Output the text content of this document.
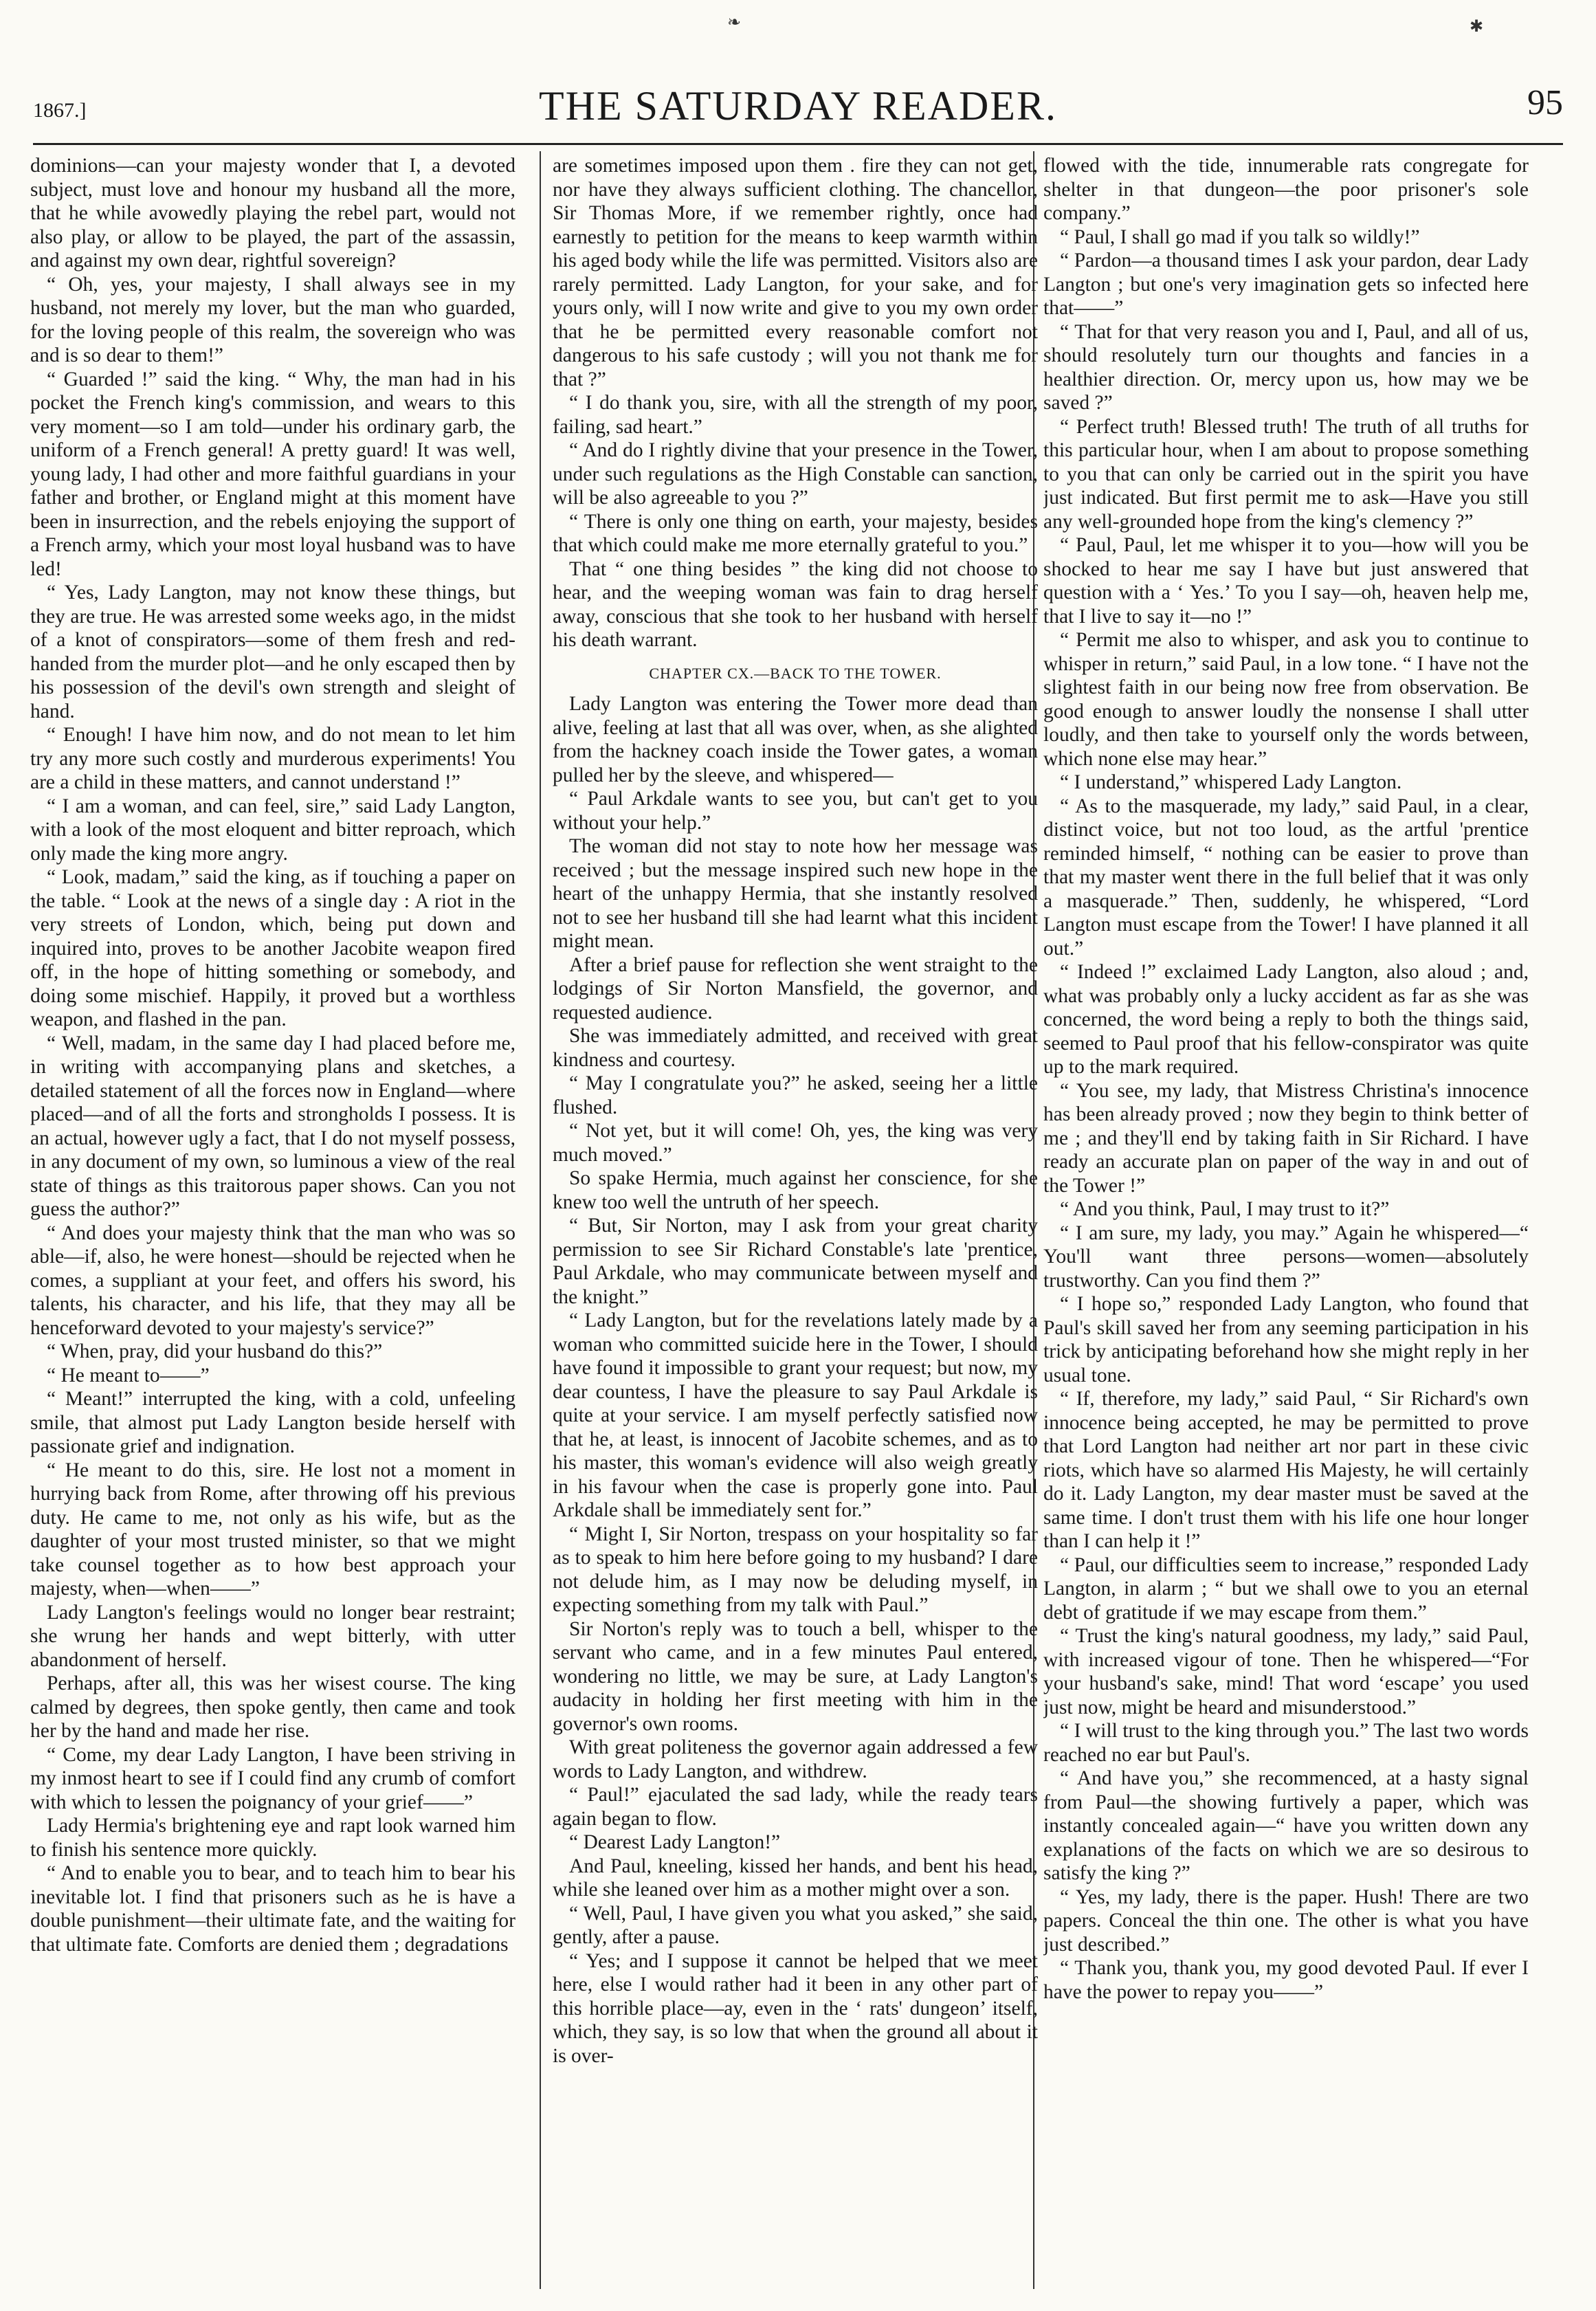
1867.]	THE SATURDAY READER.	95
❧	✱

dominions—can your majesty wonder that I, a devoted subject, must love and honour my husband all the more, that he while avowedly playing the rebel part, would not also play, or allow to be played, the part of the assassin, and against my own dear, rightful sovereign?

“ Oh, yes, your majesty, I shall always see in my husband, not merely my lover, but the man who guarded, for the loving people of this realm, the sovereign who was and is so dear to them!”

“ Guarded !” said the king. “ Why, the man had in his pocket the French king's commission, and wears to this very moment—so I am told—under his ordinary garb, the uniform of a French general! A pretty guard! It was well, young lady, I had other and more faithful guardians in your father and brother, or England might at this moment have been in insurrection, and the rebels enjoying the support of a French army, which your most loyal husband was to have led!

“ Yes, Lady Langton, may not know these things, but they are true. He was arrested some weeks ago, in the midst of a knot of conspirators—some of them fresh and red-handed from the murder plot—and he only escaped then by his possession of the devil's own strength and sleight of hand.

“ Enough! I have him now, and do not mean to let him try any more such costly and murderous experiments! You are a child in these matters, and cannot understand !”

“ I am a woman, and can feel, sire,” said Lady Langton, with a look of the most eloquent and bitter reproach, which only made the king more angry.

“ Look, madam,” said the king, as if touching a paper on the table. “ Look at the news of a single day : A riot in the very streets of London, which, being put down and inquired into, proves to be another Jacobite weapon fired off, in the hope of hitting something or somebody, and doing some mischief. Happily, it proved but a worthless weapon, and flashed in the pan.

“ Well, madam, in the same day I had placed before me, in writing with accompanying plans and sketches, a detailed statement of all the forces now in England—where placed—and of all the forts and strongholds I possess. It is an actual, however ugly a fact, that I do not myself possess, in any document of my own, so luminous a view of the real state of things as this traitorous paper shows. Can you not guess the author?”

“ And does your majesty think that the man who was so able—if, also, he were honest—should be rejected when he comes, a suppliant at your feet, and offers his sword, his talents, his character, and his life, that they may all be henceforward devoted to your majesty's service?”

“ When, pray, did your husband do this?”

“ He meant to——”

“ Meant!” interrupted the king, with a cold, unfeeling smile, that almost put Lady Langton beside herself with passionate grief and indignation.

“ He meant to do this, sire. He lost not a moment in hurrying back from Rome, after throwing off his previous duty. He came to me, not only as his wife, but as the daughter of your most trusted minister, so that we might take counsel together as to how best approach your majesty, when—when——”

Lady Langton's feelings would no longer bear restraint; she wrung her hands and wept bitterly, with utter abandonment of herself.

Perhaps, after all, this was her wisest course. The king calmed by degrees, then spoke gently, then came and took her by the hand and made her rise.

“ Come, my dear Lady Langton, I have been striving in my inmost heart to see if I could find any crumb of comfort with which to lessen the poignancy of your grief——”

Lady Hermia's brightening eye and rapt look warned him to finish his sentence more quickly.

“ And to enable you to bear, and to teach him to bear his inevitable lot. I find that prisoners such as he is have a double punishment—their ultimate fate, and the waiting for that ultimate fate. Comforts are denied them ; degradations

are sometimes imposed upon them . fire they can not get, nor have they always sufficient clothing. The chancellor, Sir Thomas More, if we remember rightly, once had earnestly to petition for the means to keep warmth within his aged body while the life was permitted. Visitors also are rarely permitted. Lady Langton, for your sake, and for yours only, will I now write and give to you my own order that he be permitted every reasonable comfort not dangerous to his safe custody ; will you not thank me for that ?”

“ I do thank you, sire, with all the strength of my poor, failing, sad heart.”

“ And do I rightly divine that your presence in the Tower, under such regulations as the High Constable can sanction, will be also agreeable to you ?”

“ There is only one thing on earth, your majesty, besides that which could make me more eternally grateful to you.”

That “ one thing besides ” the king did not choose to hear, and the weeping woman was fain to drag herself away, conscious that she took to her husband with herself his death warrant.

CHAPTER CX.—BACK TO THE TOWER.

Lady Langton was entering the Tower more dead than alive, feeling at last that all was over, when, as she alighted from the hackney coach inside the Tower gates, a woman pulled her by the sleeve, and whispered—

“ Paul Arkdale wants to see you, but can't get to you without your help.”

The woman did not stay to note how her message was received ; but the message inspired such new hope in the heart of the unhappy Hermia, that she instantly resolved not to see her husband till she had learnt what this incident might mean.

After a brief pause for reflection she went straight to the lodgings of Sir Norton Mansfield, the governor, and requested audience.

She was immediately admitted, and received with great kindness and courtesy.

“ May I congratulate you?” he asked, seeing her a little flushed.

“ Not yet, but it will come! Oh, yes, the king was very much moved.”

So spake Hermia, much against her conscience, for she knew too well the untruth of her speech.

“ But, Sir Norton, may I ask from your great charity permission to see Sir Richard Constable's late 'prentice, Paul Arkdale, who may communicate between myself and the knight.”

“ Lady Langton, but for the revelations lately made by a woman who committed suicide here in the Tower, I should have found it impossible to grant your request; but now, my dear countess, I have the pleasure to say Paul Arkdale is quite at your service. I am myself perfectly satisfied now that he, at least, is innocent of Jacobite schemes, and as to his master, this woman's evidence will also weigh greatly in his favour when the case is properly gone into. Paul Arkdale shall be immediately sent for.”

“ Might I, Sir Norton, trespass on your hospitality so far as to speak to him here before going to my husband? I dare not delude him, as I may now be deluding myself, in expecting something from my talk with Paul.”

Sir Norton's reply was to touch a bell, whisper to the servant who came, and in a few minutes Paul entered, wondering no little, we may be sure, at Lady Langton's audacity in holding her first meeting with him in the governor's own rooms.

With great politeness the governor again addressed a few words to Lady Langton, and withdrew.

“ Paul!” ejaculated the sad lady, while the ready tears again began to flow.

“ Dearest Lady Langton!”

And Paul, kneeling, kissed her hands, and bent his head, while she leaned over him as a mother might over a son.

“ Well, Paul, I have given you what you asked,” she said, gently, after a pause.

“ Yes; and I suppose it cannot be helped that we meet here, else I would rather had it been in any other part of this horrible place—ay, even in the ‘ rats' dungeon’ itself, which, they say, is so low that when the ground all about it is over-

flowed with the tide, innumerable rats congregate for shelter in that dungeon—the poor prisoner's sole company.”

“ Paul, I shall go mad if you talk so wildly!”

“ Pardon—a thousand times I ask your pardon, dear Lady Langton ; but one's very imagination gets so infected here that——”

“ That for that very reason you and I, Paul, and all of us, should resolutely turn our thoughts and fancies in a healthier direction. Or, mercy upon us, how may we be saved ?”

“ Perfect truth! Blessed truth! The truth of all truths for this particular hour, when I am about to propose something to you that can only be carried out in the spirit you have just indicated. But first permit me to ask—Have you still any well-grounded hope from the king's clemency ?”

“ Paul, Paul, let me whisper it to you—how will you be shocked to hear me say I have but just answered that question with a ‘ Yes.’ To you I say—oh, heaven help me, that I live to say it—no !”

“ Permit me also to whisper, and ask you to continue to whisper in return,” said Paul, in a low tone. “ I have not the slightest faith in our being now free from observation. Be good enough to answer loudly the nonsense I shall utter loudly, and then take to yourself only the words between, which none else may hear.”

“ I understand,” whispered Lady Langton.

“ As to the masquerade, my lady,” said Paul, in a clear, distinct voice, but not too loud, as the artful 'prentice reminded himself, “ nothing can be easier to prove than that my master went there in the full belief that it was only a masquerade.” Then, suddenly, he whispered, “Lord Langton must escape from the Tower! I have planned it all out.”

“ Indeed !” exclaimed Lady Langton, also aloud ; and, what was probably only a lucky accident as far as she was concerned, the word being a reply to both the things said, seemed to Paul proof that his fellow-conspirator was quite up to the mark required.

“ You see, my lady, that Mistress Christina's innocence has been already proved ; now they begin to think better of me ; and they'll end by taking faith in Sir Richard. I have ready an accurate plan on paper of the way in and out of the Tower !”

“ And you think, Paul, I may trust to it?”

“ I am sure, my lady, you may.” Again he whispered—“ You'll want three persons—women—absolutely trustworthy. Can you find them ?”

“ I hope so,” responded Lady Langton, who found that Paul's skill saved her from any seeming participation in his trick by anticipating beforehand how she might reply in her usual tone.

“ If, therefore, my lady,” said Paul, “ Sir Richard's own innocence being accepted, he may be permitted to prove that Lord Langton had neither art nor part in these civic riots, which have so alarmed His Majesty, he will certainly do it. Lady Langton, my dear master must be saved at the same time. I don't trust them with his life one hour longer than I can help it !”

“ Paul, our difficulties seem to increase,” responded Lady Langton, in alarm ; “ but we shall owe to you an eternal debt of gratitude if we may escape from them.”

“ Trust the king's natural goodness, my lady,” said Paul, with increased vigour of tone. Then he whispered—“For your husband's sake, mind! That word ‘escape’ you used just now, might be heard and misunderstood.”

“ I will trust to the king through you.” The last two words reached no ear but Paul's.

“ And have you,” she recommenced, at a hasty signal from Paul—the showing furtively a paper, which was instantly concealed again—“ have you written down any explanations of the facts on which we are so desirous to satisfy the king ?”

“ Yes, my lady, there is the paper. Hush! There are two papers. Conceal the thin one. The other is what you have just described.”

“ Thank you, thank you, my good devoted Paul. If ever I have the power to repay you——”
